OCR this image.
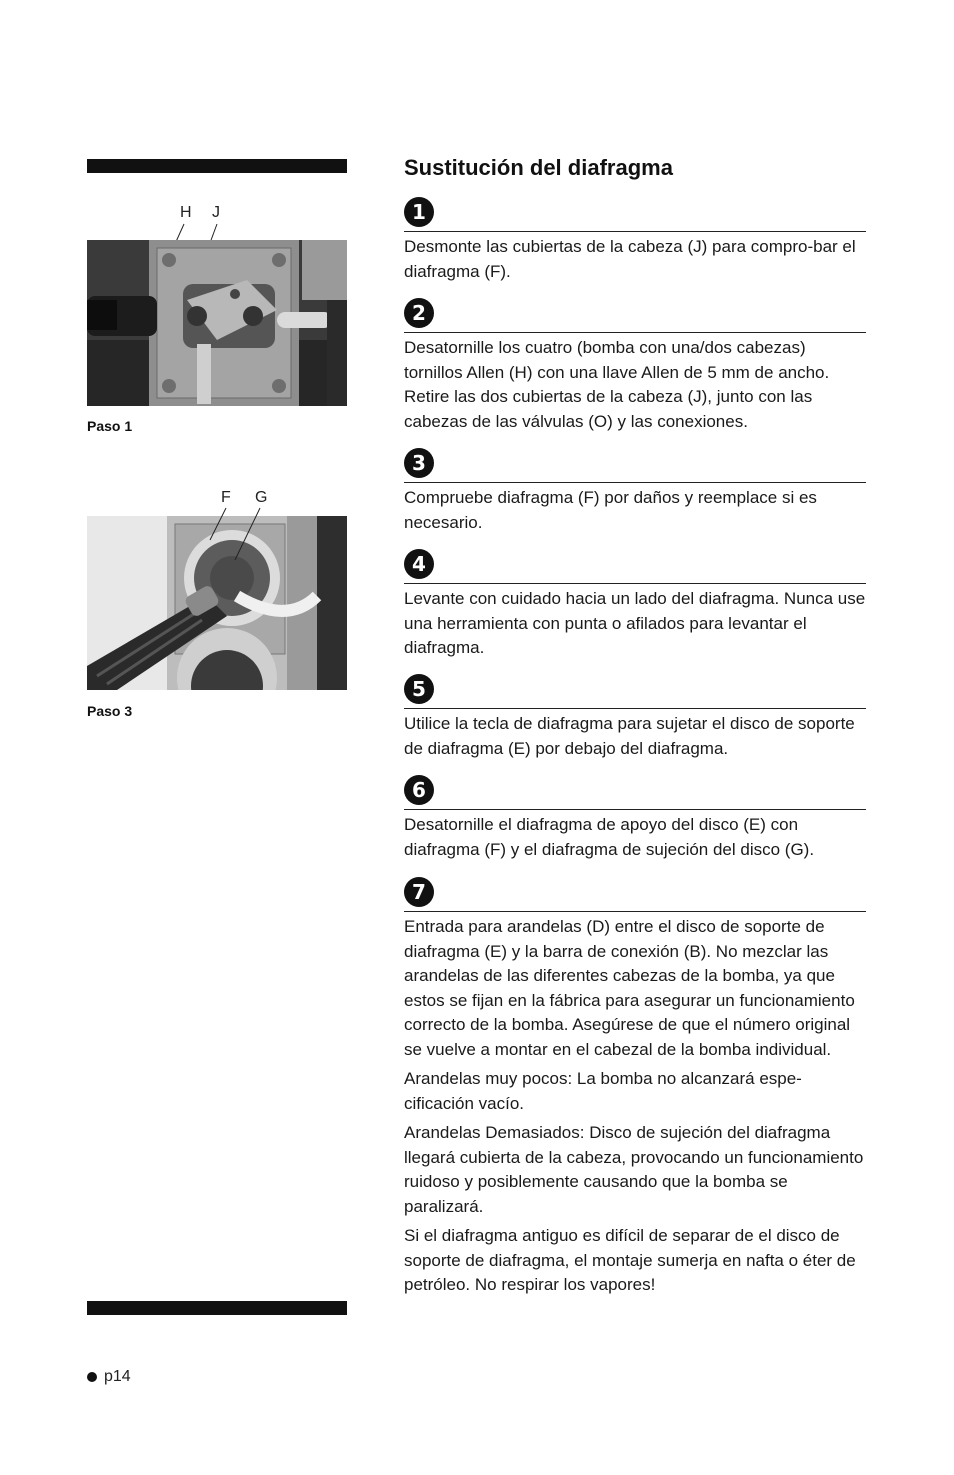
H J
Paso 1
F G
Paso 3
Sustitución del diafragma
1

Desmonte las cubiertas de la cabeza (J) para compro-bar el diafragma (F).

2

Desatornille los cuatro (bomba con una/dos cabezas) tornillos Allen (H) con una llave Allen de 5 mm de ancho. Retire las dos cubiertas de la cabeza (J), junto con las cabezas de las válvulas (O) y las conexiones.

3

Compruebe diafragma (F) por daños y reemplace si es necesario.

4

Levante con cuidado hacia un lado del diafragma. Nunca use una herramienta con punta o afilados para levantar el diafragma.

5

Utilice la tecla de diafragma para sujetar el disco de soporte de diafragma (E) por debajo del diafragma.

6

Desatornille el diafragma de apoyo del disco (E) con diafragma (F) y el diafragma de sujeción del disco (G).

7

Entrada para arandelas (D) entre el disco de soporte de diafragma (E) y la barra de conexión (B). No mezclar las arandelas de las diferentes cabezas de la bomba, ya que estos se fijan en la fábrica para asegurar un funcionamiento correcto de la bomba. Asegúrese de que el número original se vuelve a montar en el cabezal de la bomba individual.

Arandelas muy pocos: La bomba no alcanzará espe-cificación vacío.

Arandelas Demasiados: Disco de sujeción del diafragma llegará cubierta de la cabeza, provocando un funcionamiento ruidoso y posiblemente causando que la bomba se paralizará.

Si el diafragma antiguo es difícil de separar de el disco de soporte de diafragma, el montaje sumerja en nafta o éter de petróleo. No respirar los vapores!

p14
